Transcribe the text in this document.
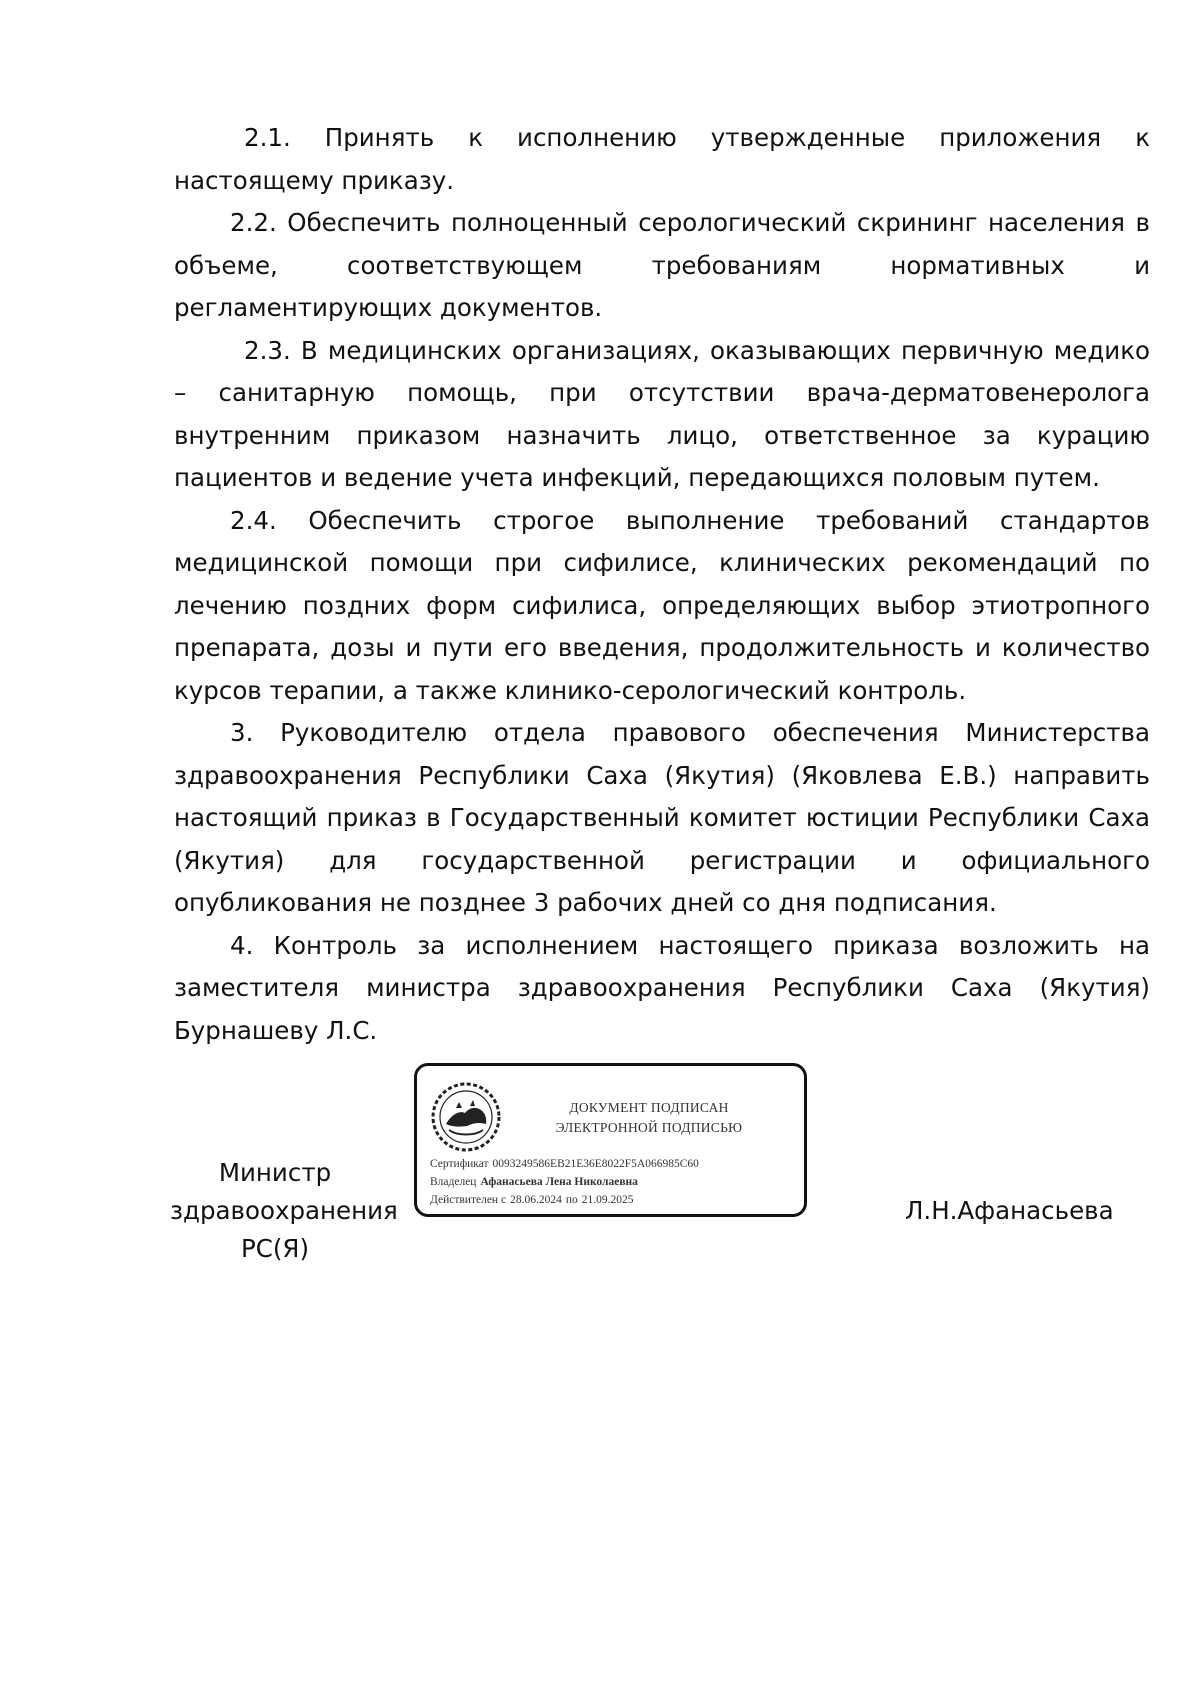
2.1. Принять к исполнению утвержденные приложения к настоящему приказу.

2.2. Обеспечить полноценный серологический скрининг населения в объеме, соответствующем требованиям нормативных и регламентирующих документов.

2.3. В медицинских организациях, оказывающих первичную медико – санитарную помощь, при отсутствии врача-дерматовенеролога внутренним приказом назначить лицо, ответственное за курацию пациентов и ведение учета инфекций, передающихся половым путем.

2.4. Обеспечить строгое выполнение требований стандартов медицинской помощи при сифилисе, клинических рекомендаций по лечению поздних форм сифилиса, определяющих выбор этиотропного препарата, дозы и пути его введения, продолжительность и количество курсов терапии, а также клинико-серологический контроль.

3. Руководителю отдела правового обеспечения Министерства здравоохранения Республики Саха (Якутия) (Яковлева Е.В.) направить настоящий приказ в Государственный комитет юстиции Республики Саха (Якутия) для государственной регистрации и официального опубликования не позднее 3 рабочих дней со дня подписания.

4. Контроль за исполнением настоящего приказа возложить на заместителя министра здравоохранения Республики Саха (Якутия) Бурнашеву Л.С.

Министр
здравоохранения
РС(Я)
ДОКУМЕНТ ПОДПИСАН
ЭЛЕКТРОННОЙ ПОДПИСЬЮ
Сертификат 0093249586EB21E36E8022F5A066985C60
Владелец Афанасьева Лена Николаевна
Действителен с 28.06.2024 по 21.09.2025	Л.Н.Афанасьева
